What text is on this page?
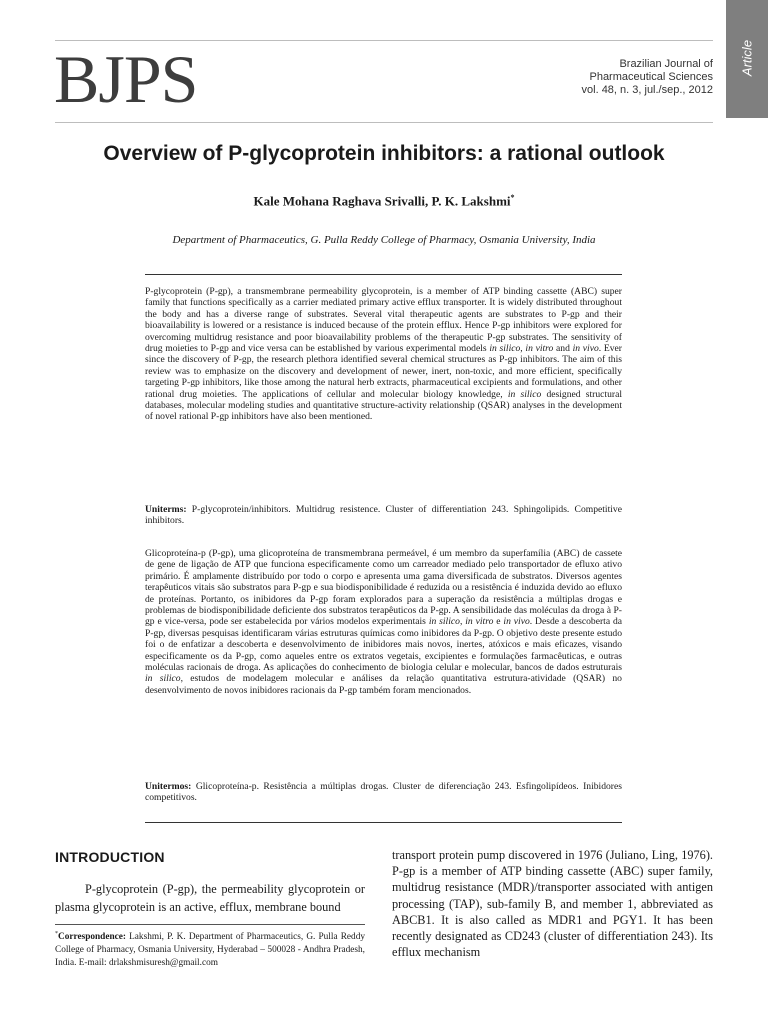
Article
BJPS	Brazilian Journal of
Pharmaceutical Sciences
vol. 48, n. 3, jul./sep., 2012
Overview of P-glycoprotein inhibitors: a rational outlook
Kale Mohana Raghava Srivalli, P. K. Lakshmi*
Department of Pharmaceutics, G. Pulla Reddy College of Pharmacy, Osmania University, India
P-glycoprotein (P-gp), a transmembrane permeability glycoprotein, is a member of ATP binding cassette (ABC) super family that functions specifically as a carrier mediated primary active efflux transporter. It is widely distributed throughout the body and has a diverse range of substrates. Several vital therapeutic agents are substrates to P-gp and their bioavailability is lowered or a resistance is induced because of the protein efflux. Hence P-gp inhibitors were explored for overcoming multidrug resistance and poor bioavailability problems of the therapeutic P-gp substrates. The sensitivity of drug moieties to P-gp and vice versa can be established by various experimental models in silico, in vitro and in vivo. Ever since the discovery of P-gp, the research plethora identified several chemical structures as P-gp inhibitors. The aim of this review was to emphasize on the discovery and development of newer, inert, non-toxic, and more efficient, specifically targeting P-gp inhibitors, like those among the natural herb extracts, pharmaceutical excipients and formulations, and other rational drug moieties. The applications of cellular and molecular biology knowledge, in silico designed structural databases, molecular modeling studies and quantitative structure-activity relationship (QSAR) analyses in the development of novel rational P-gp inhibitors have also been mentioned.
Uniterms: P-glycoprotein/inhibitors. Multidrug resistence. Cluster of differentiation 243. Sphingolipids. Competitive inhibitors.
Glicoproteína-p (P-gp), uma glicoproteína de transmembrana permeável, é um membro da superfamília (ABC) de cassete de gene de ligação de ATP que funciona especificamente como um carreador mediado pelo transportador de efluxo ativo primário. É amplamente distribuído por todo o corpo e apresenta uma gama diversificada de substratos. Diversos agentes terapêuticos vitais são substratos para P-gp e sua biodisponibilidade é reduzida ou a resistência é induzida devido ao efluxo de proteínas. Portanto, os inibidores da P-gp foram explorados para a superação da resistência a múltiplas drogas e problemas de biodisponibilidade deficiente dos substratos terapêuticos da P-gp. A sensibilidade das moléculas da droga à P-gp e vice-versa, pode ser estabelecida por vários modelos experimentais in silico, in vitro e in vivo. Desde a descoberta da P-gp, diversas pesquisas identificaram várias estruturas químicas como inibidores da P-gp. O objetivo deste presente estudo foi o de enfatizar a descoberta e desenvolvimento de inibidores mais novos, inertes, atóxicos e mais eficazes, visando especificamente os da P-gp, como aqueles entre os extratos vegetais, excipientes e formulações farmacêuticas, e outras moléculas racionais de droga. As aplicações do conhecimento de biologia celular e molecular, bancos de dados estruturais in silico, estudos de modelagem molecular e análises da relação quantitativa estrutura-atividade (QSAR) no desenvolvimento de novos inibidores racionais da P-gp também foram mencionados.
Unitermos: Glicoproteína-p. Resistência a múltiplas drogas. Cluster de diferenciação 243. Esfingolipídeos. Inibidores competitivos.
INTRODUCTION
P-glycoprotein (P-gp), the permeability glycoprotein or plasma glycoprotein is an active, efflux, membrane bound
transport protein pump discovered in 1976 (Juliano, Ling, 1976). P-gp is a member of ATP binding cassette (ABC) super family, multidrug resistance (MDR)/transporter associated with antigen processing (TAP), sub-family B, and member 1, abbreviated as ABCB1. It is also called as MDR1 and PGY1. It has been recently designated as CD243 (cluster of differentiation 243). Its efflux mechanism
*Correspondence: Lakshmi, P. K. Department of Pharmaceutics, G. Pulla Reddy College of Pharmacy, Osmania University, Hyderabad – 500028 - Andhra Pradesh, India. E-mail: drlakshmisuresh@gmail.com
